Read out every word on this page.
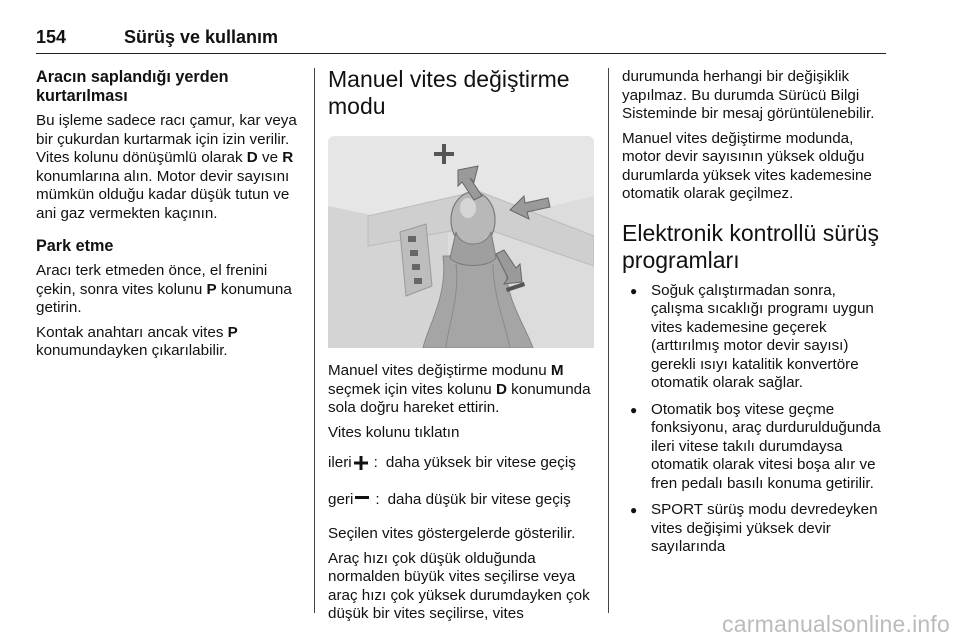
154	Sürüş ve kullanım
Aracın saplandığı yerden kurtarılması

Bu işleme sadece racı çamur, kar veya bir çukurdan kurtarmak için izin verilir. Vites kolunu dönüşümlü olarak D ve R konumlarına alın. Motor devir sayısını mümkün olduğu kadar düşük tutun ve ani gaz vermekten kaçının.

Park etme

Aracı terk etmeden önce, el frenini çekin, sonra vites kolunu P konumuna getirin.

Kontak anahtarı ancak vites P konumundayken çıkarılabilir.

Manuel vites değiştirme modu

Manuel vites değiştirme modunu M seçmek için vites kolunu D konumunda sola doğru hareket ettirin.

Vites kolunu tıklatın

ileri : daha yüksek bir vitese geçiş
geri : daha düşük bir vitese geçiş

Seçilen vites göstergelerde gösterilir.

Araç hızı çok düşük olduğunda normalden büyük vites seçilirse veya araç hızı çok yüksek durumdayken çok düşük bir vites seçilirse, vites

durumunda herhangi bir değişiklik yapılmaz. Bu durumda Sürücü Bilgi Sisteminde bir mesaj görüntülenebilir.

Manuel vites değiştirme modunda, motor devir sayısının yüksek olduğu durumlarda yüksek vites kademesine otomatik olarak geçilmez.

Elektronik kontrollü sürüş programları
● Soğuk çalıştırmadan sonra, çalışma sıcaklığı programı uygun vites kademesine geçerek (arttırılmış motor devir sayısı) gerekli ısıyı katalitik konvertöre otomatik olarak sağlar.
● Otomatik boş vitese geçme fonksiyonu, araç durdurulduğunda ileri vitese takılı durumdaysa otomatik olarak vitesi boşa alır ve fren pedalı basılı konuma getirilir.
● SPORT sürüş modu devredeyken vites değişimi yüksek devir sayılarında
carmanualsonline.info
